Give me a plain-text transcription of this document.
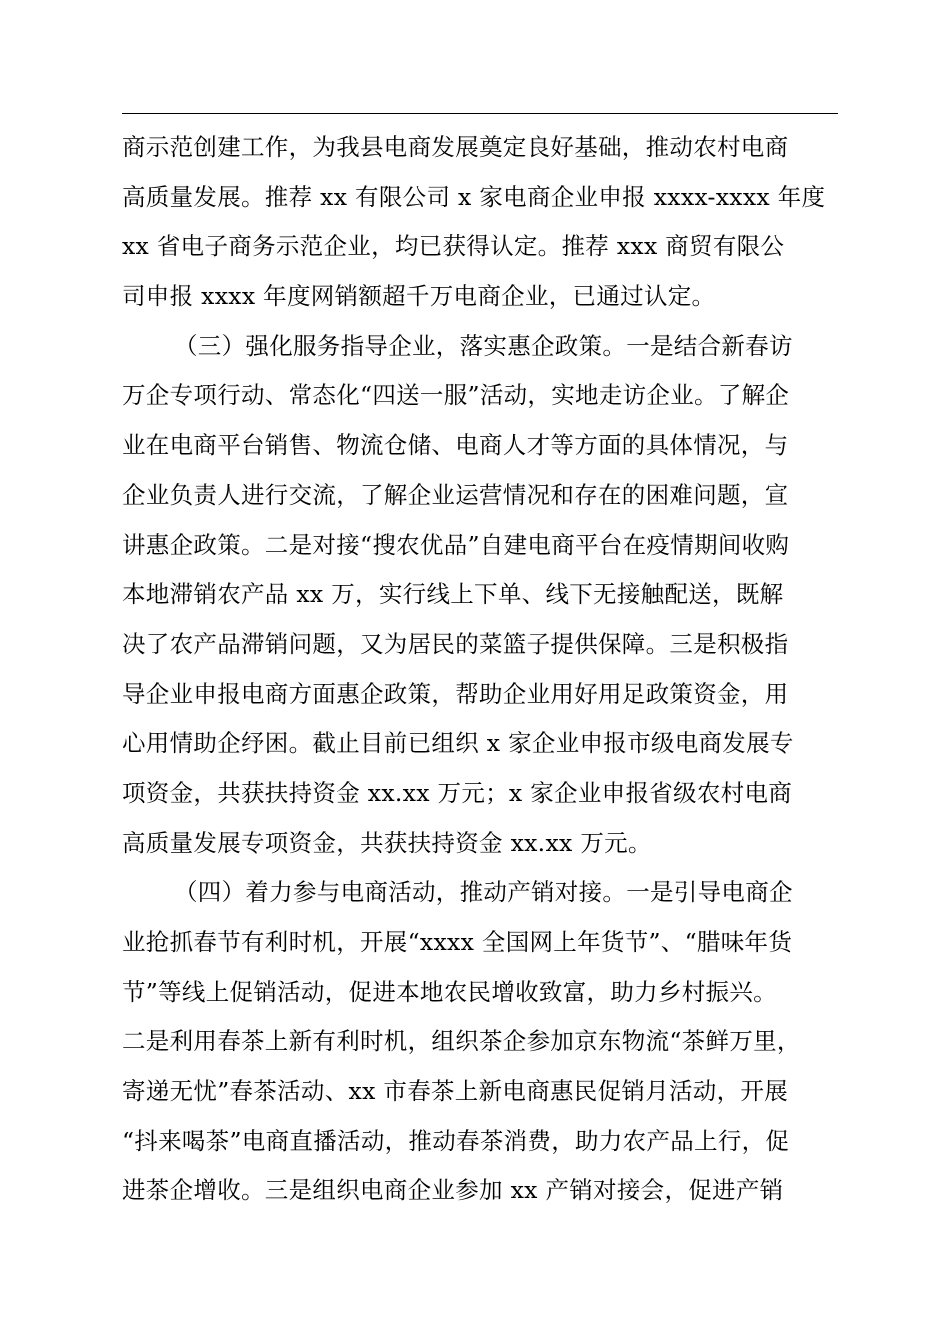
商示范创建工作，为我县电商发展奠定良好基础，推动农村电商
高质量发展。推荐 xx 有限公司 x 家电商企业申报 xxxx-xxxx 年度
xx 省电子商务示范企业，均已获得认定。推荐 xxx 商贸有限公
司申报 xxxx 年度网销额超千万电商企业，已通过认定。
（三）强化服务指导企业，落实惠企政策。一是结合新春访
万企专项行动、常态化“四送一服”活动，实地走访企业。了解企
业在电商平台销售、物流仓储、电商人才等方面的具体情况，与
企业负责人进行交流，了解企业运营情况和存在的困难问题，宣
讲惠企政策。二是对接“搜农优品”自建电商平台在疫情期间收购
本地滞销农产品 xx 万，实行线上下单、线下无接触配送，既解
决了农产品滞销问题，又为居民的菜篮子提供保障。三是积极指
导企业申报电商方面惠企政策，帮助企业用好用足政策资金，用
心用情助企纾困。截止目前已组织 x 家企业申报市级电商发展专
项资金，共获扶持资金 xx.xx 万元；x 家企业申报省级农村电商
高质量发展专项资金，共获扶持资金 xx.xx 万元。
（四）着力参与电商活动，推动产销对接。一是引导电商企
业抢抓春节有利时机，开展“xxxx 全国网上年货节”、“腊味年货
节”等线上促销活动，促进本地农民增收致富，助力乡村振兴。
二是利用春茶上新有利时机，组织茶企参加京东物流“茶鲜万里，
寄递无忧”春茶活动、xx 市春茶上新电商惠民促销月活动，开展
“抖来喝茶”电商直播活动，推动春茶消费，助力农产品上行，促
进茶企增收。三是组织电商企业参加 xx 产销对接会，促进产销
